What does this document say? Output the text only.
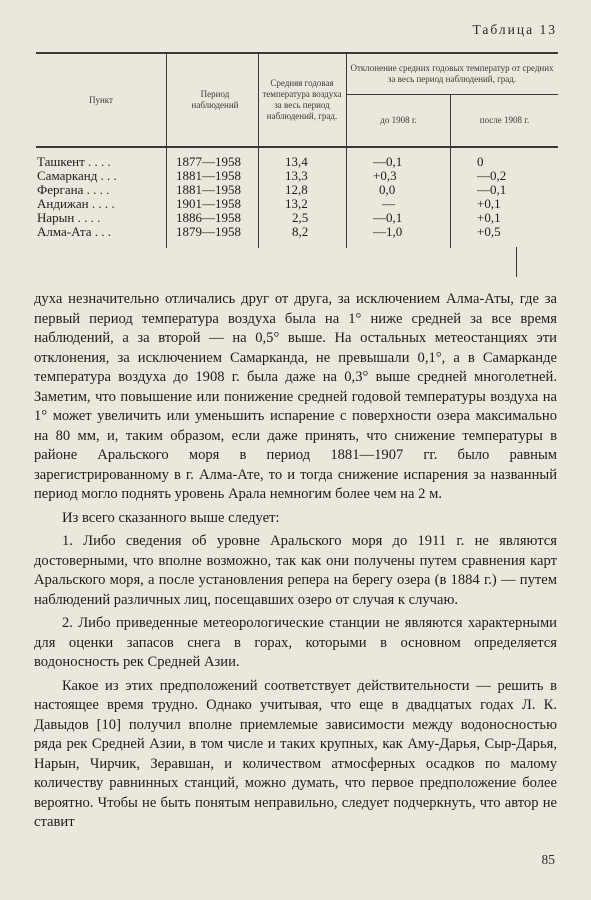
Таблица 13
Пункт
Период наблюдений
Средняя годовая температура воздуха за весь период наблюдений, град.
Отклонение средних годовых температур от средних за весь период наблюдений, град.
до 1908 г.	после 1908 г.
Ташкент . . . .	1877—1958	13,4	—0,1	0
Самарканд . . .	1881—1958	13,3	+0,3	—0,2
Фергана . . . .	1881—1958	12,8	0,0	—0,1
Андижан . . . .	1901—1958	13,2	—	+0,1
Нарын . . . .	1886—1958	2,5	—0,1	+0,1
Алма-Ата . . .	1879—1958	8,2	—1,0	+0,5

духа незначительно отличались друг от друга, за исключением Алма-Аты, где за первый период температура воздуха была на 1° ниже средней за все время наблюдений, а за второй — на 0,5° выше. На остальных метеостанциях эти отклонения, за исключением Самарканда, не превышали 0,1°, а в Самарканде температура воздуха до 1908 г. была даже на 0,3° выше средней многолетней. Заметим, что повышение или понижение средней годовой температуры воздуха на 1° может увеличить или уменьшить испарение с поверхности озера максимально на 80 мм, и, таким образом, если даже принять, что снижение температуры в районе Аральского моря в период 1881—1907 гг. было равным зарегистрированному в г. Алма-Ате, то и тогда снижение испарения за названный период могло поднять уровень Арала немногим более чем на 2 м.

Из всего сказанного выше следует:

1. Либо сведения об уровне Аральского моря до 1911 г. не являются достоверными, что вполне возможно, так как они получены путем сравнения карт Аральского моря, а после установления репера на берегу озера (в 1884 г.) — путем наблюдений различных лиц, посещавших озеро от случая к случаю.

2. Либо приведенные метеорологические станции не являются характерными для оценки запасов снега в горах, которыми в основном определяется водоносность рек Средней Азии.

Какое из этих предположений соответствует действительности — решить в настоящее время трудно. Однако учитывая, что еще в двадцатых годах Л. К. Давыдов [10] получил вполне приемлемые зависимости между водоносностью ряда рек Средней Азии, в том числе и таких крупных, как Аму-Дарья, Сыр-Дарья, Нарын, Чирчик, Зеравшан, и количеством атмосферных осадков по малому количеству равнинных станций, можно думать, что первое предположение более вероятно. Чтобы не быть понятым неправильно, следует подчеркнуть, что автор не ставит

85
